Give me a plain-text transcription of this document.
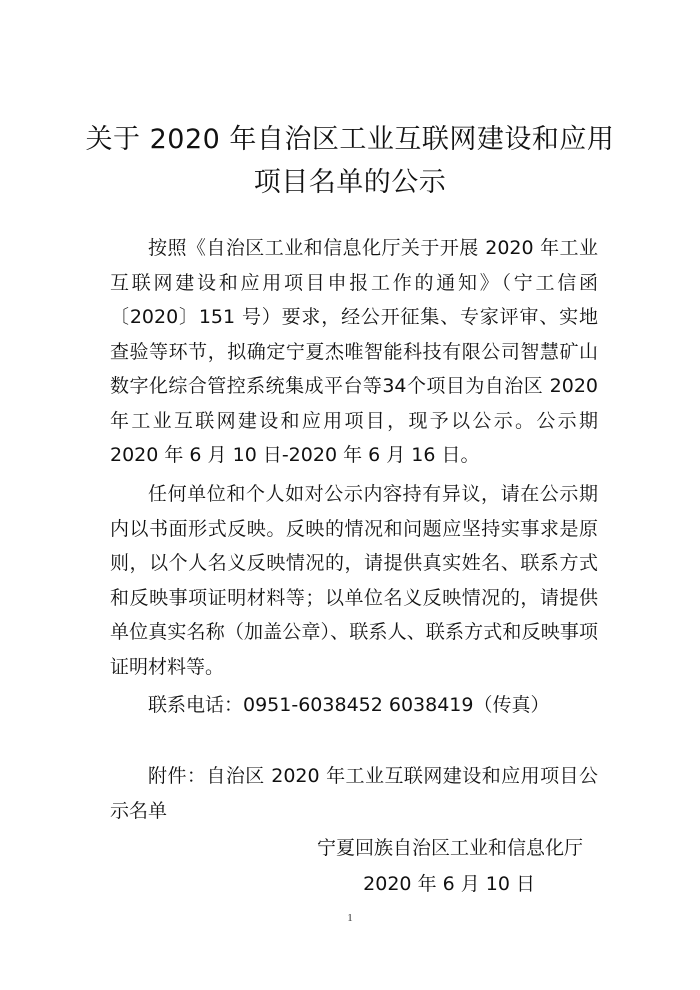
关于 2020 年自治区工业互联网建设和应用
项目名单的公示

按照《自治区工业和信息化厅关于开展 2020 年工业互联网建设和应用项目申报工作的通知》（宁工信函〔2020〕151 号）要求，经公开征集、专家评审、实地查验等环节，拟确定宁夏杰唯智能科技有限公司智慧矿山数字化综合管控系统集成平台等34个项目为自治区 2020 年工业互联网建设和应用项目，现予以公示。公示期 2020 年 6 月 10 日-2020 年 6 月 16 日。

任何单位和个人如对公示内容持有异议，请在公示期内以书面形式反映。反映的情况和问题应坚持实事求是原则，以个人名义反映情况的，请提供真实姓名、联系方式和反映事项证明材料等；以单位名义反映情况的，请提供单位真实名称（加盖公章）、联系人、联系方式和反映事项证明材料等。

联系电话：0951-6038452 6038419（传真）

附件：自治区 2020 年工业互联网建设和应用项目公示名单

宁夏回族自治区工业和信息化厅
2020 年 6 月 10 日
1
